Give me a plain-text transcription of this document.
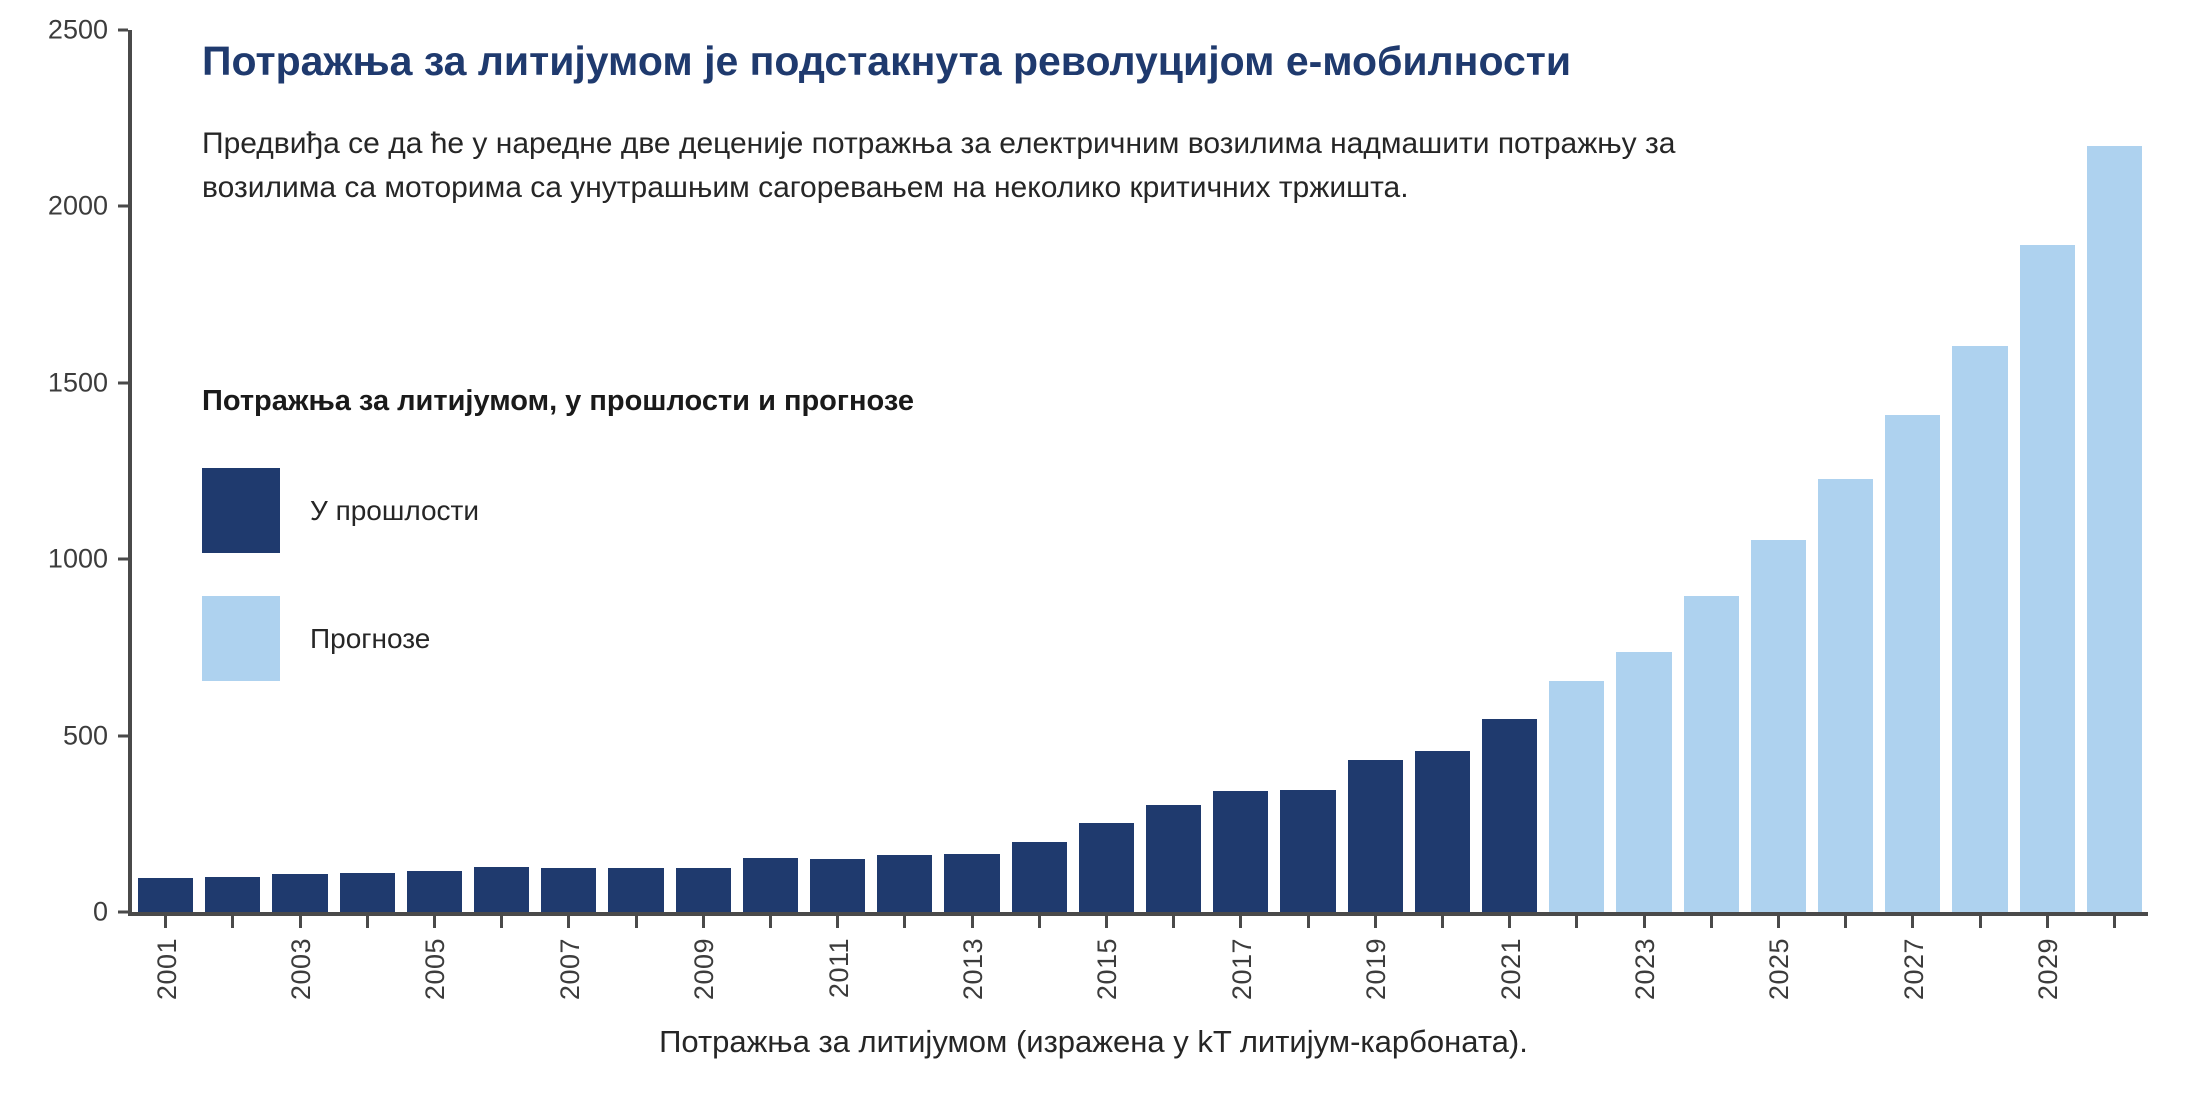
0
500
1000
1500
2000
2500
2001	2003	2005	2007	2009	2011	2013	2015	2017	2019	2021	2023	2025	2027	2029
Потражња за литијумом је подстакнута револуцијом е-мобилности
Предвиђа се да ће у наредне две деценије потражња за електричним возилима надмашити потражњу за возилима са моторима са унутрашњим сагоревањем на неколико критичних тржишта.
Потражња за литијумом, у прошлости и прогнозе
У прошлости
Прогнозе
Потражња за литијумом (изражена у kT литијум-карбоната).
